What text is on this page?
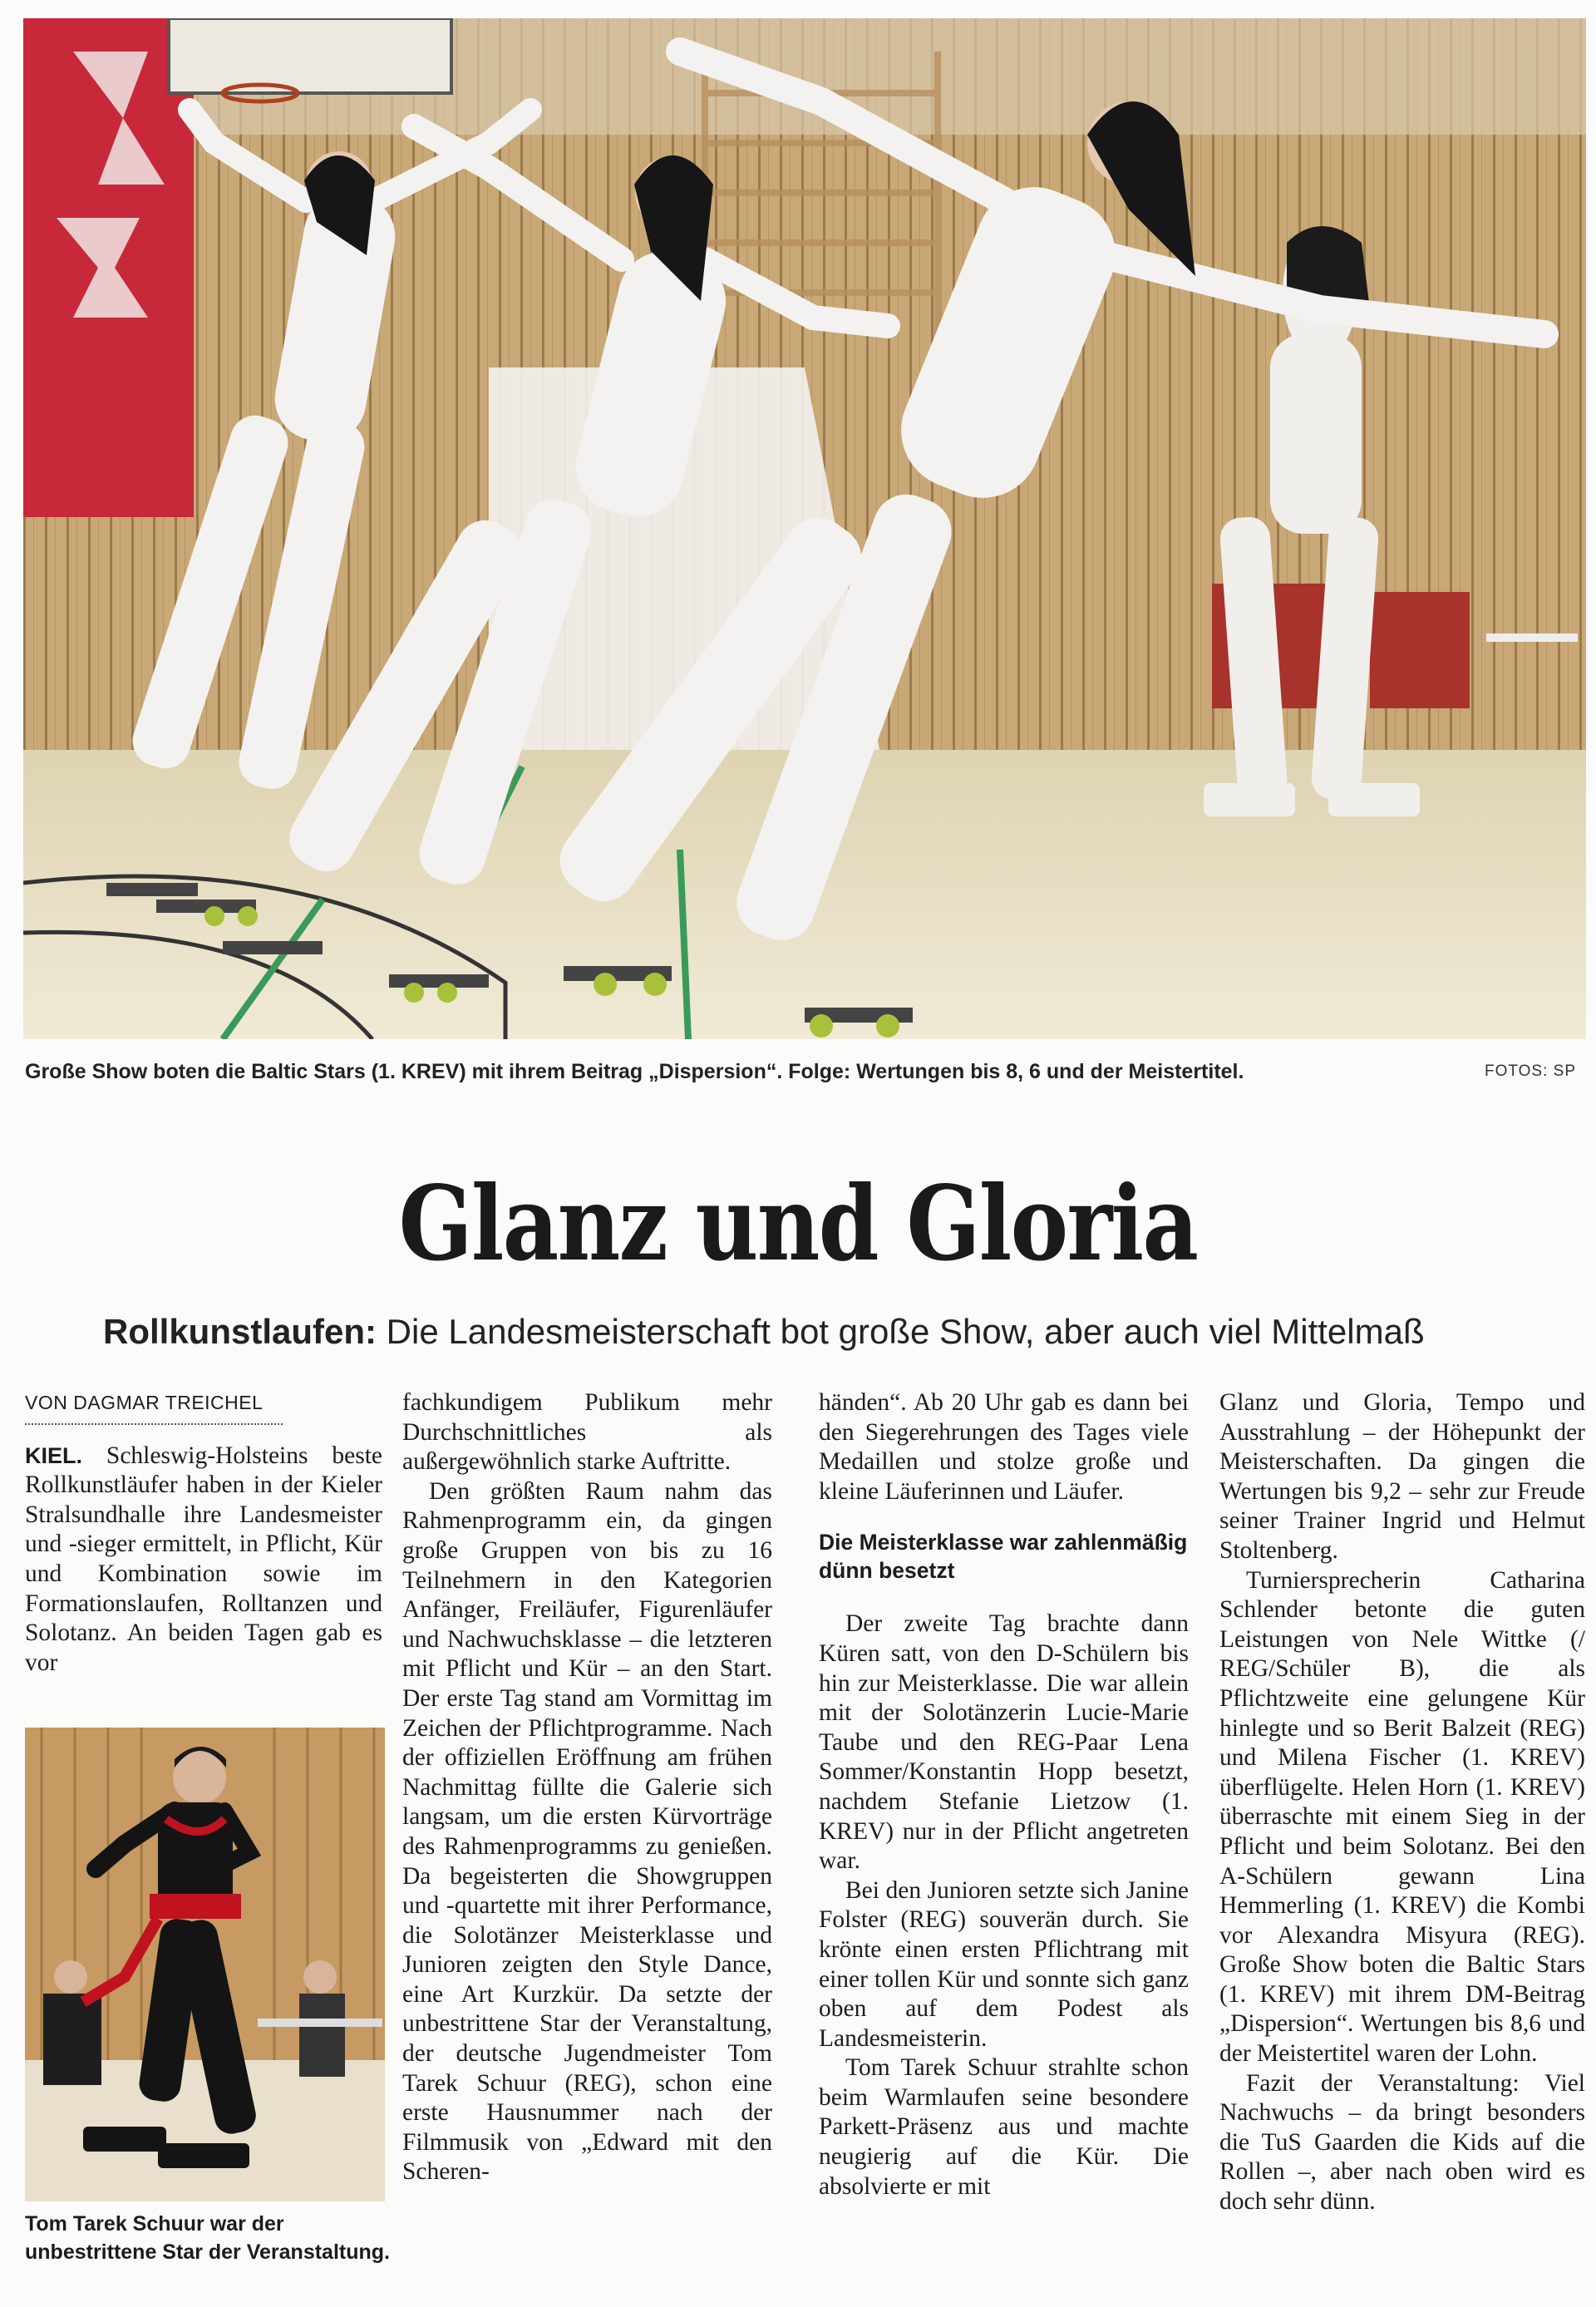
Große Show boten die Baltic Stars (1. KREV) mit ihrem Beitrag „Dispersion“. Folge: Wertungen bis 8, 6 und der Meistertitel.	FOTOS: SP
Glanz und Gloria
Rollkunstlaufen: Die Landesmeisterschaft bot große Show, aber auch viel Mittelmaß
VON DAGMAR TREICHEL

KIEL. Schleswig-Holsteins beste Rollkunstläufer haben in der Kieler Stralsundhalle ihre Landesmeister und -sieger ermittelt, in Pflicht, Kür und Kombination sowie im Formationslaufen, Rolltanzen und Solotanz. An beiden Tagen gab es vor

Tom Tarek Schuur war der unbestrittene Star der Veranstaltung.

fachkundigem Publikum mehr Durchschnittliches als außergewöhnlich starke Auftritte.

Den größten Raum nahm das Rahmenprogramm ein, da gingen große Gruppen von bis zu 16 Teilnehmern in den Kategorien Anfänger, Freiläufer, Figurenläufer und Nachwuchsklasse – die letzteren mit Pflicht und Kür – an den Start. Der erste Tag stand am Vormittag im Zeichen der Pflichtprogramme. Nach der offiziellen Eröffnung am frühen Nachmittag füllte die Galerie sich langsam, um die ersten Kürvorträge des Rahmenprogramms zu genießen. Da begeisterten die Showgruppen und -quartette mit ihrer Performance, die Solotänzer Meisterklasse und Junioren zeigten den Style Dance, eine Art Kurzkür. Da setzte der unbestrittene Star der Veranstaltung, der deutsche Jugendmeister Tom Tarek Schuur (REG), schon eine erste Hausnummer nach der Filmmusik von „Edward mit den Scheren-

händen“. Ab 20 Uhr gab es dann bei den Siegerehrungen des Tages viele Medaillen und stolze große und kleine Läuferinnen und Läufer.

Die Meisterklasse war zahlenmäßig dünn besetzt

Der zweite Tag brachte dann Küren satt, von den D-Schülern bis hin zur Meisterklasse. Die war allein mit der Solotänzerin Lucie-Marie Taube und den REG-Paar Lena Sommer/Konstantin Hopp besetzt, nachdem Stefanie Lietzow (1. KREV) nur in der Pflicht angetreten war.

Bei den Junioren setzte sich Janine Folster (REG) souverän durch. Sie krönte einen ersten Pflichtrang mit einer tollen Kür und sonnte sich ganz oben auf dem Podest als Landesmeisterin.

Tom Tarek Schuur strahlte schon beim Warmlaufen seine besondere Parkett-Präsenz aus und machte neugierig auf die Kür. Die absolvierte er mit

Glanz und Gloria, Tempo und Ausstrahlung – der Höhepunkt der Meisterschaften. Da gingen die Wertungen bis 9,2 – sehr zur Freude seiner Trainer Ingrid und Helmut Stoltenberg.

Turniersprecherin Catharina Schlender betonte die guten Leistungen von Nele Wittke (/ REG/Schüler B), die als Pflichtzweite eine gelungene Kür hinlegte und so Berit Balzeit (REG) und Milena Fischer (1. KREV) überflügelte. Helen Horn (1. KREV) überraschte mit einem Sieg in der Pflicht und beim Solotanz. Bei den A-Schülern gewann Lina Hemmerling (1. KREV) die Kombi vor Alexandra Misyura (REG). Große Show boten die Baltic Stars (1. KREV) mit ihrem DM-Beitrag „Dispersion“. Wertungen bis 8,6 und der Meistertitel waren der Lohn.

Fazit der Veranstaltung: Viel Nachwuchs – da bringt besonders die TuS Gaarden die Kids auf die Rollen –, aber nach oben wird es doch sehr dünn.
